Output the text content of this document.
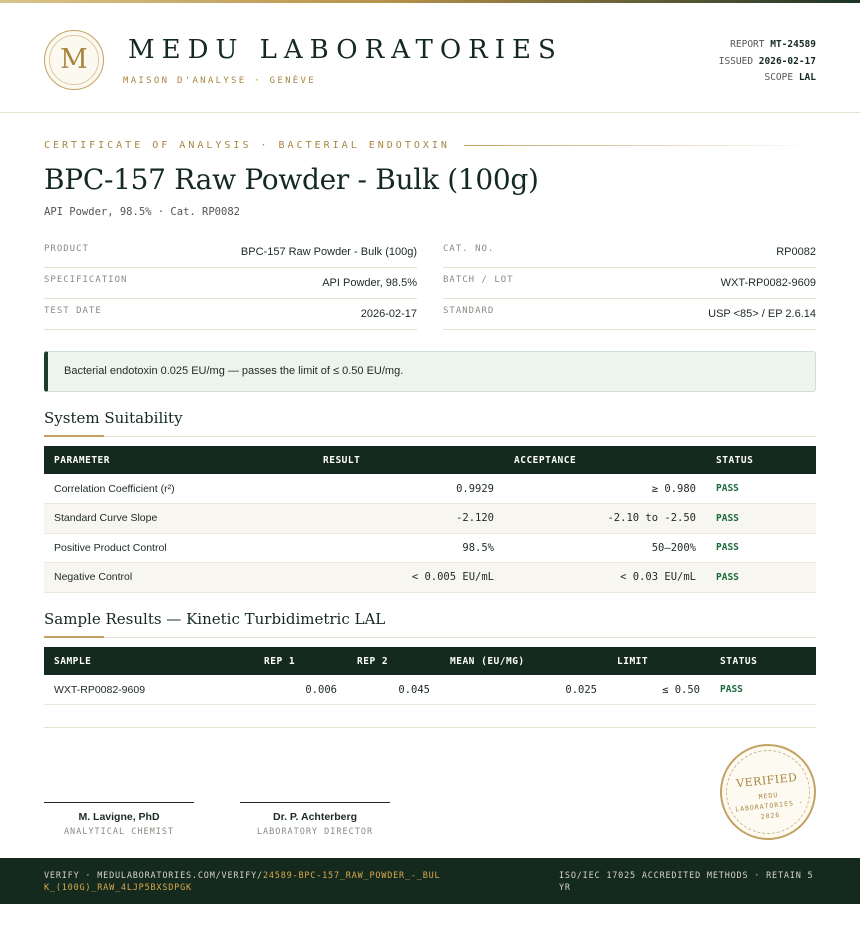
M	MEDU LABORATORIES
MAISON D'ANALYSE · GENÈVE
REPORT MT-24589
ISSUED 2026-02-17
SCOPE LAL
CERTIFICATE OF ANALYSIS · BACTERIAL ENDOTOXIN
BPC-157 Raw Powder - Bulk (100g)
API Powder, 98.5% · Cat. RP0082
PRODUCT	BPC-157 Raw Powder - Bulk (100g)
SPECIFICATION	API Powder, 98.5%
TEST DATE	2026-02-17
CAT. NO.	RP0082
BATCH / LOT	WXT-RP0082-9609
STANDARD	USP <85> / EP 2.6.14
Bacterial endotoxin 0.025 EU/mg — passes the limit of ≤ 0.50 EU/mg.
System Suitability
PARAMETER	RESULT	ACCEPTANCE	STATUS
Correlation Coefficient (r²)	0.9929	≥ 0.980	PASS
Standard Curve Slope	-2.120	-2.10 to -2.50	PASS
Positive Product Control	98.5%	50–200%	PASS
Negative Control	< 0.005 EU/mL	< 0.03 EU/mL	PASS
Sample Results — Kinetic Turbidimetric LAL
SAMPLE	REP 1	REP 2	MEAN (EU/MG)	LIMIT	STATUS
WXT-RP0082-9609	0.006	0.045	0.025	≤ 0.50	PASS
M. Lavigne, PhD
ANALYTICAL CHEMIST
Dr. P. Achterberg
LABORATORY DIRECTOR
VERIFIED
MEDU LABORATORIES · 2026
VERIFY · MEDULABORATORIES.COM/VERIFY/24589-BPC-157_RAW_POWDER_-_BULK_(100G)_RAW_4LJP5BXSDPGK
ISO/IEC 17025 ACCREDITED METHODS · RETAIN 5 YR
